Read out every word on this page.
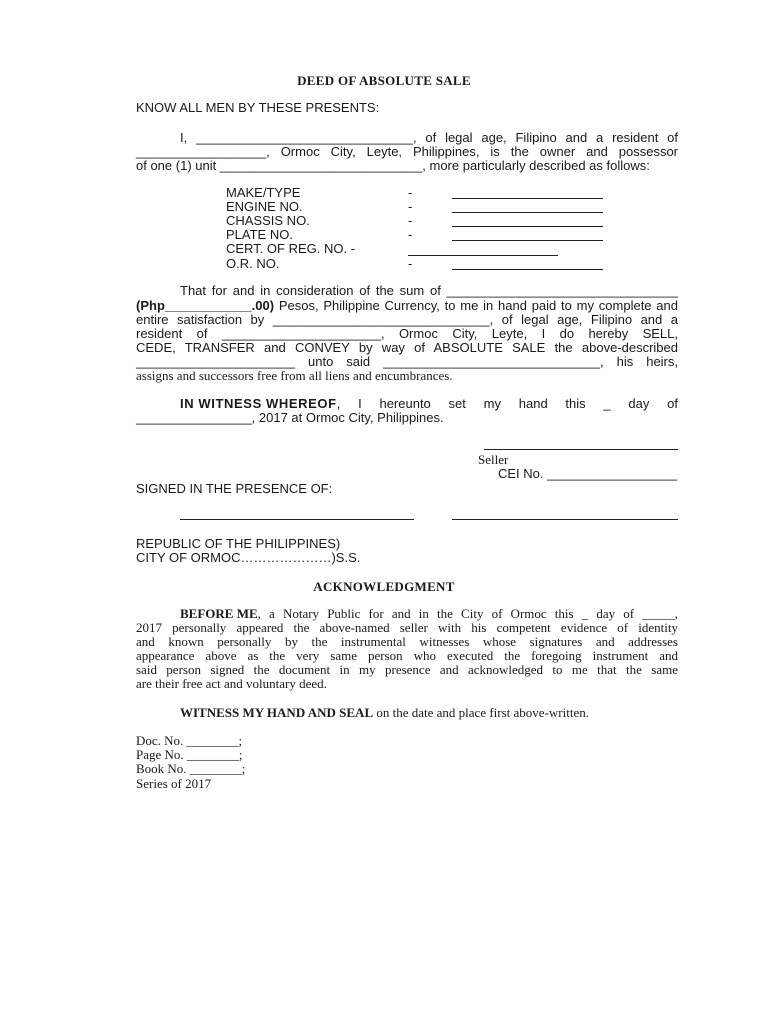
DEED OF ABSOLUTE SALE
KNOW ALL MEN BY THESE PRESENTS:
I, ______________________________, of legal age, Filipino and a resident of
__________________, Ormoc City, Leyte, Philippines, is the owner and possessor
of one (1) unit ____________________________, more particularly described as follows:
MAKE/TYPE
ENGINE NO.
CHASSIS NO.
PLATE NO.
CERT. OF REG. NO. -
O.R. NO.
-
-
-
-
-
That for and in consideration of the sum of ________________________________
(Php____________.00) Pesos, Philippine Currency, to me in hand paid to my complete and
entire satisfaction by ______________________________, of legal age, Filipino and a
resident of ______________________, Ormoc City, Leyte, I do hereby SELL,
CEDE, TRANSFER and CONVEY by way of ABSOLUTE SALE the above-described
______________________ unto said ______________________________, his heirs,
assigns and successors free from all liens and encumbrances.
IN WITNESS WHEREOF , I hereunto set my hand this _ day of
________________, 2017 at Ormoc City, Philippines.
Seller
CEI No. __________________
SIGNED IN THE PRESENCE OF:
REPUBLIC OF THE PHILIPPINES)
CITY OF ORMOC…………………)S.S.
ACKNOWLEDGMENT
BEFORE ME , a Notary Public for and in the City of Ormoc this _ day of _____,
2017 personally appeared the above-named seller with his competent evidence of identity
and known personally by the instrumental witnesses whose signatures and addresses
appearance above as the very same person who executed the foregoing instrument and
said person signed the document in my presence and acknowledged to me that the same
are their free act and voluntary deed.
WITNESS MY HAND AND SEAL on the date and place first above-written.
Doc. No. ________;
Page No. ________;
Book No. ________;
Series of 2017
